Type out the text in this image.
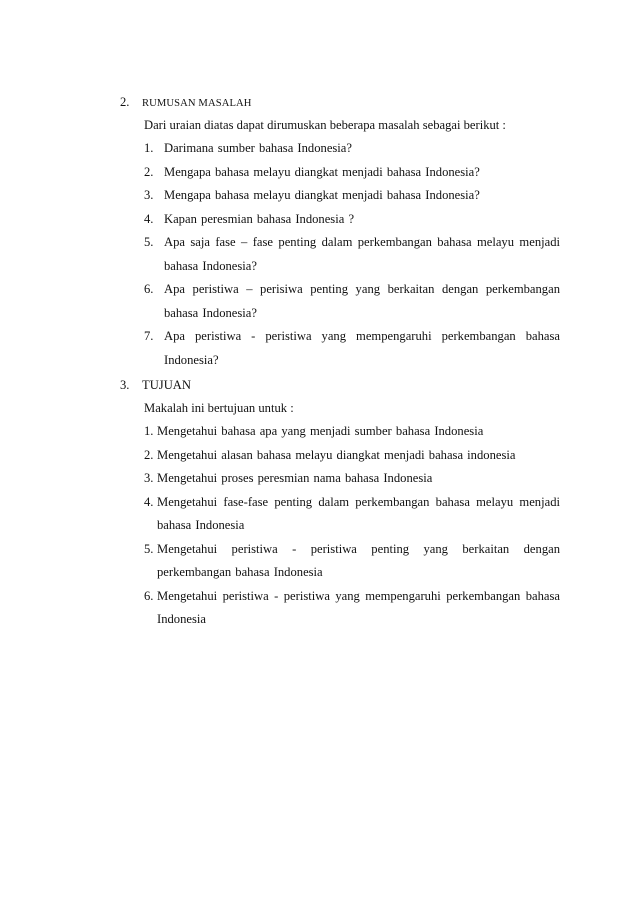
2.	RUMUSAN MASALAH
Dari uraian diatas dapat dirumuskan beberapa masalah sebagai berikut :
1. Darimana sumber bahasa Indonesia?
2. Mengapa bahasa melayu diangkat menjadi bahasa Indonesia?
3. Mengapa bahasa melayu diangkat menjadi bahasa Indonesia?
4. Kapan peresmian bahasa Indonesia ?
5. Apa saja fase – fase penting dalam perkembangan bahasa melayu menjadi bahasa Indonesia?
6. Apa peristiwa – perisiwa penting yang berkaitan dengan perkembangan bahasa Indonesia?
7. Apa peristiwa - peristiwa yang mempengaruhi perkembangan bahasa Indonesia?
3. TUJUAN
Makalah ini bertujuan untuk :
1. Mengetahui bahasa apa yang menjadi sumber bahasa Indonesia
2. Mengetahui alasan bahasa melayu diangkat menjadi bahasa indonesia
3. Mengetahui proses peresmian nama bahasa Indonesia
4. Mengetahui fase-fase penting dalam perkembangan bahasa melayu menjadi bahasa Indonesia
5. Mengetahui peristiwa - peristiwa penting yang berkaitan dengan perkembangan bahasa Indonesia
6. Mengetahui peristiwa - peristiwa yang mempengaruhi perkembangan bahasa Indonesia
